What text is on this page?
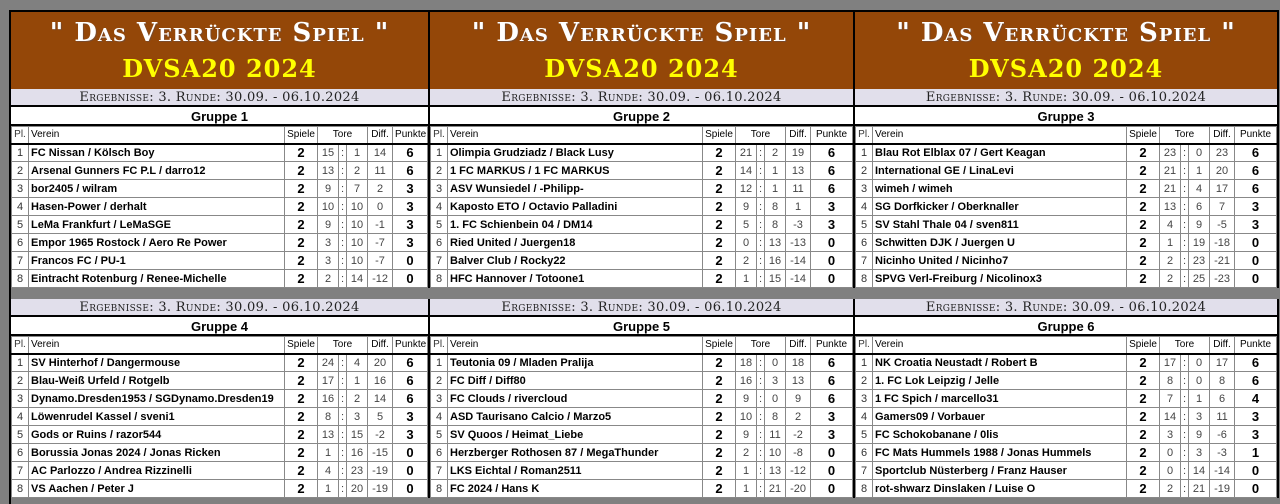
" Das Verrückte Spiel "
DVSA20 2024
Ergebnisse: 3. Runde: 30.09. - 06.10.2024
Gruppe 1
Pl.	Verein	Spiele	Tore			Diff.	Punkte
1	FC Nissan / Kölsch Boy	2	15	:	1	14	6
2	Arsenal Gunners FC P.L / darro12	2	13	:	2	11	6
3	bor2405 / wilram	2	9	:	7	2	3
4	Hasen-Power / derhalt	2	10	:	10	0	3
5	LeMa Frankfurt / LeMaSGE	2	9	:	10	-1	3
6	Empor 1965 Rostock / Aero Re Power	2	3	:	10	-7	3
7	Francos FC / PU-1	2	3	:	10	-7	0
8	Eintracht Rotenburg / Renee-Michelle	2	2	:	14	-12	0
Ergebnisse: 3. Runde: 30.09. - 06.10.2024
Gruppe 4
Pl.	Verein	Spiele	Tore			Diff.	Punkte
1	SV Hinterhof / Dangermouse	2	24	:	4	20	6
2	Blau-Weiß Urfeld / Rotgelb	2	17	:	1	16	6
3	Dynamo.Dresden1953 / SGDynamo.Dresden19	2	16	:	2	14	6
4	Löwenrudel Kassel / sveni1	2	8	:	3	5	3
5	Gods or Ruins / razor544	2	13	:	15	-2	3
6	Borussia Jonas 2024 / Jonas Ricken	2	1	:	16	-15	0
7	AC Parlozzo / Andrea Rizzinelli	2	4	:	23	-19	0
8	VS Aachen / Peter J	2	1	:	20	-19	0
" Das Verrückte Spiel "
DVSA20 2024
Ergebnisse: 3. Runde: 30.09. - 06.10.2024
Gruppe 2
Pl.	Verein	Spiele	Tore			Diff.	Punkte
1	Olimpia Grudziadz / Black Lusy	2	21	:	2	19	6
2	1 FC MARKUS / 1 FC MARKUS	2	14	:	1	13	6
3	ASV Wunsiedel / -Philipp-	2	12	:	1	11	6
4	Kaposto ETO / Octavio Palladini	2	9	:	8	1	3
5	1. FC Schienbein 04 / DM14	2	5	:	8	-3	3
6	Ried United / Juergen18	2	0	:	13	-13	0
7	Balver Club / Rocky22	2	2	:	16	-14	0
8	HFC Hannover / Totoone1	2	1	:	15	-14	0
Ergebnisse: 3. Runde: 30.09. - 06.10.2024
Gruppe 5
Pl.	Verein	Spiele	Tore			Diff.	Punkte
1	Teutonia 09 / Mladen Pralija	2	18	:	0	18	6
2	FC Diff / Diff80	2	16	:	3	13	6
3	FC Clouds / rivercloud	2	9	:	0	9	6
4	ASD Taurisano Calcio / Marzo5	2	10	:	8	2	3
5	SV Quoos / Heimat_Liebe	2	9	:	11	-2	3
6	Herzberger Rothosen 87 / MegaThunder	2	2	:	10	-8	0
7	LKS Eichtal / Roman2511	2	1	:	13	-12	0
8	FC 2024 / Hans K	2	1	:	21	-20	0
" Das Verrückte Spiel "
DVSA20 2024
Ergebnisse: 3. Runde: 30.09. - 06.10.2024
Gruppe 3
Pl.	Verein	Spiele	Tore			Diff.	Punkte
1	Blau Rot Elblax 07 / Gert Keagan	2	23	:	0	23	6
2	International GE / LinaLevi	2	21	:	1	20	6
3	wimeh / wimeh	2	21	:	4	17	6
4	SG Dorfkicker / Oberknaller	2	13	:	6	7	3
5	SV Stahl Thale 04 / sven811	2	4	:	9	-5	3
6	Schwitten DJK / Juergen U	2	1	:	19	-18	0
7	Nicinho United / Nicinho7	2	2	:	23	-21	0
8	SPVG Verl-Freiburg / Nicolinox3	2	2	:	25	-23	0
Ergebnisse: 3. Runde: 30.09. - 06.10.2024
Gruppe 6
Pl.	Verein	Spiele	Tore			Diff.	Punkte
1	NK Croatia Neustadt / Robert B	2	17	:	0	17	6
2	1. FC Lok Leipzig / Jelle	2	8	:	0	8	6
3	1 FC Spich / marcello31	2	7	:	1	6	4
4	Gamers09 / Vorbauer	2	14	:	3	11	3
5	FC Schokobanane / 0lis	2	3	:	9	-6	3
6	FC Mats Hummels 1988 / Jonas Hummels	2	0	:	3	-3	1
7	Sportclub Nüsterberg / Franz Hauser	2	0	:	14	-14	0
8	rot-shwarz Dinslaken / Luise O	2	2	:	21	-19	0
